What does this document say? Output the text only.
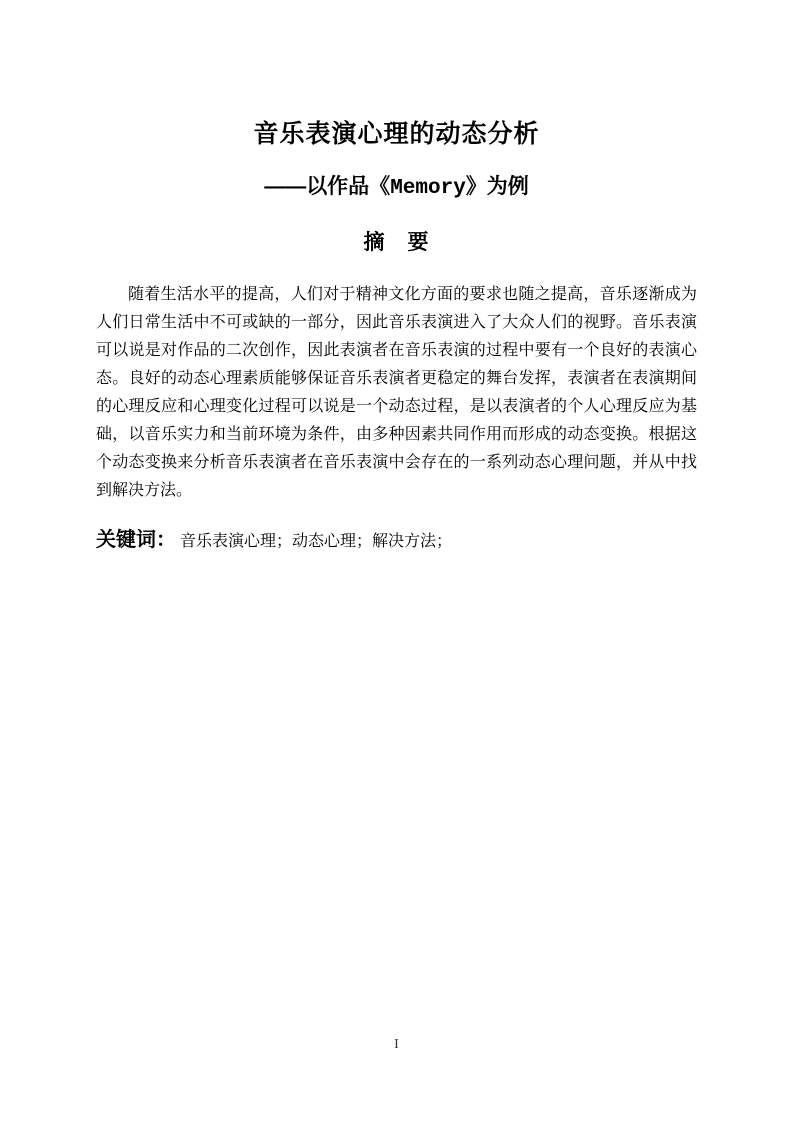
音乐表演心理的动态分析
——以作品《Memory》为例
摘　要

随着生活水平的提高，人们对于精神文化方面的要求也随之提高，音乐逐渐成为人们日常生活中不可或缺的一部分，因此音乐表演进入了大众人们的视野。音乐表演可以说是对作品的二次创作，因此表演者在音乐表演的过程中要有一个良好的表演心态。良好的动态心理素质能够保证音乐表演者更稳定的舞台发挥，表演者在表演期间的心理反应和心理变化过程可以说是一个动态过程，是以表演者的个人心理反应为基础，以音乐实力和当前环境为条件，由多种因素共同作用而形成的动态变换。根据这个动态变换来分析音乐表演者在音乐表演中会存在的一系列动态心理问题，并从中找到解决方法。

关键词： 音乐表演心理；动态心理；解决方法；

I
